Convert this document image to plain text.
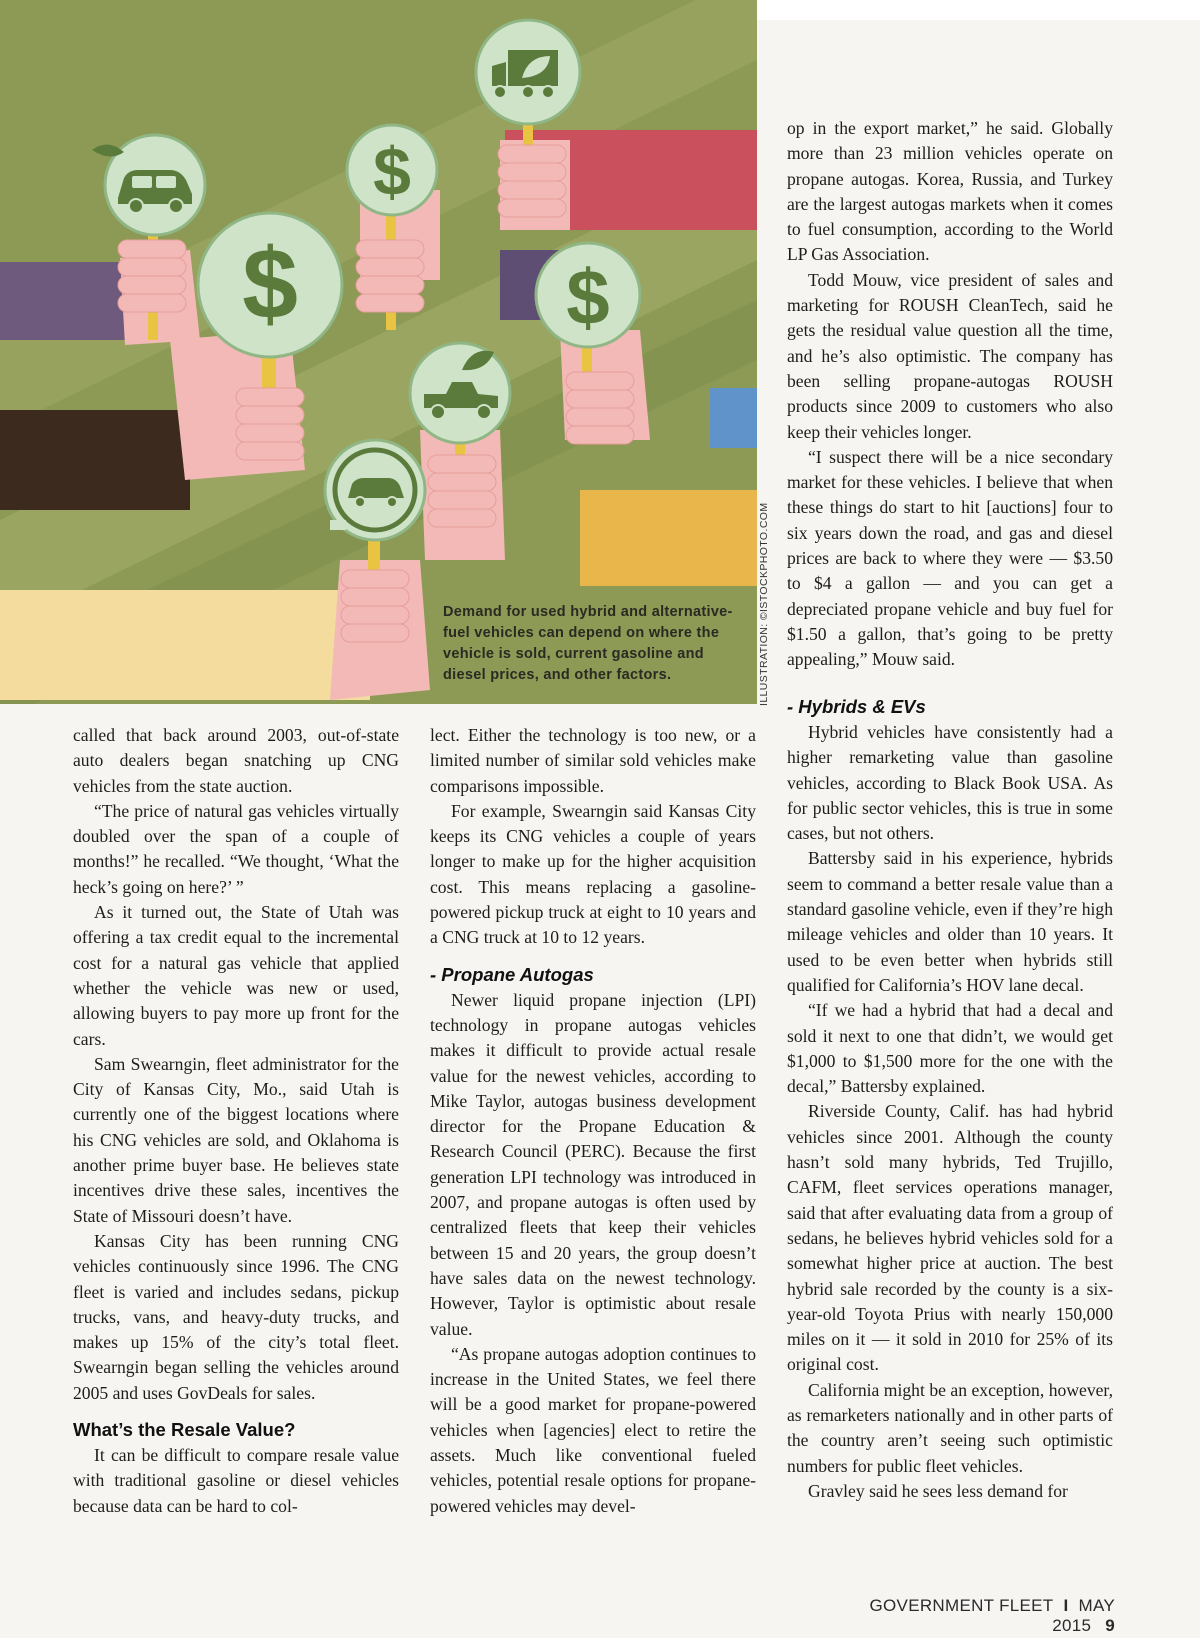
$
$
$
Demand for used hybrid and alternative-fuel vehicles can depend on where the vehicle is sold, current gasoline and diesel prices, and other factors.	ILLUSTRATION: ©ISTOCKPHOTO.COM

called that back around 2003, out-of-state auto dealers began snatching up CNG vehicles from the state auction.

“The price of natural gas vehicles virtually doubled over the span of a couple of months!” he recalled. “We thought, ‘What the heck’s going on here?’ ”

As it turned out, the State of Utah was offering a tax credit equal to the incremental cost for a natural gas vehicle that applied whether the vehicle was new or used, allowing buyers to pay more up front for the cars.

Sam Swearngin, fleet administrator for the City of Kansas City, Mo., said Utah is currently one of the biggest locations where his CNG vehicles are sold, and Oklahoma is another prime buyer base. He believes state incentives drive these sales, incentives the State of Missouri doesn’t have.

Kansas City has been running CNG vehicles continuously since 1996. The CNG fleet is varied and includes sedans, pickup trucks, vans, and heavy-duty trucks, and makes up 15% of the city’s total fleet. Swearngin began selling the vehicles around 2005 and uses GovDeals for sales.

What’s the Resale Value?

It can be difficult to compare resale value with traditional gasoline or diesel vehicles because data can be hard to col-

lect. Either the technology is too new, or a limited number of similar sold vehicles make comparisons impossible.

For example, Swearngin said Kansas City keeps its CNG vehicles a couple of years longer to make up for the higher acquisition cost. This means replacing a gasoline-powered pickup truck at eight to 10 years and a CNG truck at 10 to 12 years.

- Propane Autogas

Newer liquid propane injection (LPI) technology in propane autogas vehicles makes it difficult to provide actual resale value for the newest vehicles, according to Mike Taylor, autogas business development director for the Propane Education & Research Council (PERC). Because the first generation LPI technology was introduced in 2007, and propane autogas is often used by centralized fleets that keep their vehicles between 15 and 20 years, the group doesn’t have sales data on the newest technology. However, Taylor is optimistic about resale value.

“As propane autogas adoption continues to increase in the United States, we feel there will be a good market for propane-powered vehicles when [agencies] elect to retire the assets. Much like conventional fueled vehicles, potential resale options for propane-powered vehicles may devel-

op in the export market,” he said. Globally more than 23 million vehicles operate on propane autogas. Korea, Russia, and Turkey are the largest autogas markets when it comes to fuel consumption, according to the World LP Gas Association.

Todd Mouw, vice president of sales and marketing for ROUSH CleanTech, said he gets the residual value question all the time, and he’s also optimistic. The company has been selling propane-autogas ROUSH products since 2009 to customers who also keep their vehicles longer.

“I suspect there will be a nice secondary market for these vehicles. I believe that when these things do start to hit [auctions] four to six years down the road, and gas and diesel prices are back to where they were — $3.50 to $4 a gallon — and you can get a depreciated propane vehicle and buy fuel for $1.50 a gallon, that’s going to be pretty appealing,” Mouw said.

- Hybrids & EVs

Hybrid vehicles have consistently had a higher remarketing value than gasoline vehicles, according to Black Book USA. As for public sector vehicles, this is true in some cases, but not others.

Battersby said in his experience, hybrids seem to command a better resale value than a standard gasoline vehicle, even if they’re high mileage vehicles and older than 10 years. It used to be even better when hybrids still qualified for California’s HOV lane decal.

“If we had a hybrid that had a decal and sold it next to one that didn’t, we would get $1,000 to $1,500 more for the one with the decal,” Battersby explained.

Riverside County, Calif. has had hybrid vehicles since 2001. Although the county hasn’t sold many hybrids, Ted Trujillo, CAFM, fleet services operations manager, said that after evaluating data from a group of sedans, he believes hybrid vehicles sold for a somewhat higher price at auction. The best hybrid sale recorded by the county is a six-year-old Toyota Prius with nearly 150,000 miles on it — it sold in 2010 for 25% of its original cost.

California might be an exception, however, as remarketers nationally and in other parts of the country aren’t seeing such optimistic numbers for public fleet vehicles.

Gravley said he sees less demand for

GOVERNMENT FLEET I MAY 2015 9
